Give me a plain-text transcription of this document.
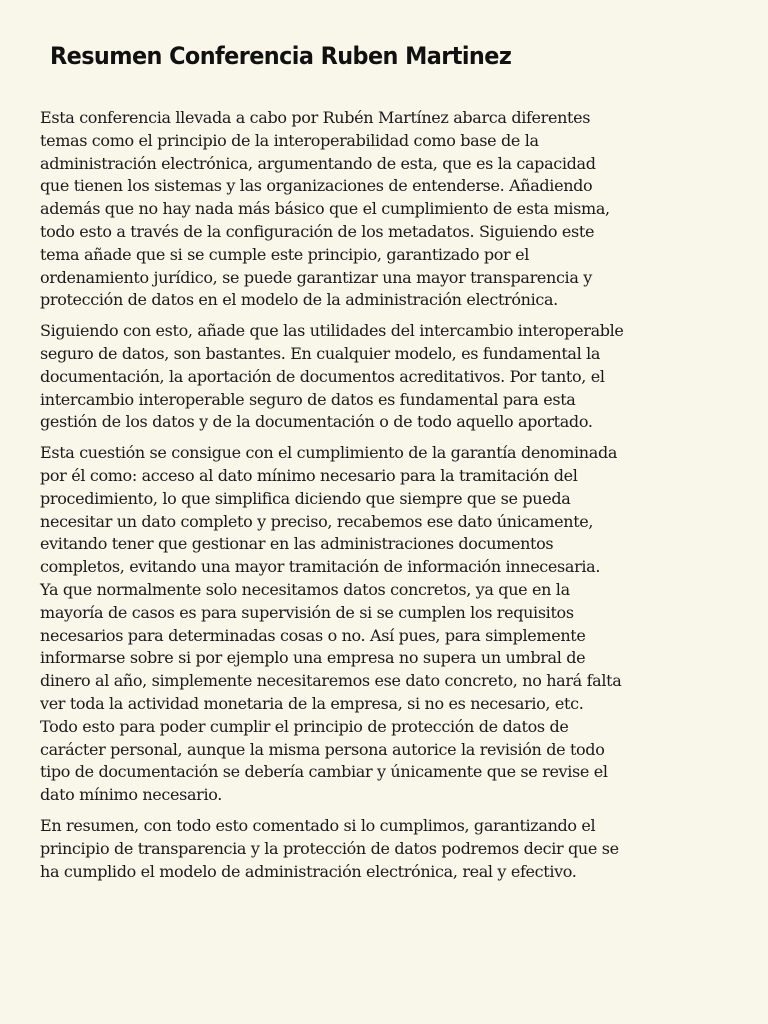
Resumen Conferencia Ruben Martinez

Esta conferencia llevada a cabo por Rubén Martínez abarca diferentes
temas como el principio de la interoperabilidad como base de la
administración electrónica, argumentando de esta, que es la capacidad
que tienen los sistemas y las organizaciones de entenderse. Añadiendo
además que no hay nada más básico que el cumplimiento de esta misma,
todo esto a través de la configuración de los metadatos. Siguiendo este
tema añade que si se cumple este principio, garantizado por el
ordenamiento jurídico, se puede garantizar una mayor transparencia y
protección de datos en el modelo de la administración electrónica.

Siguiendo con esto, añade que las utilidades del intercambio interoperable
seguro de datos, son bastantes. En cualquier modelo, es fundamental la
documentación, la aportación de documentos acreditativos. Por tanto, el
intercambio interoperable seguro de datos es fundamental para esta
gestión de los datos y de la documentación o de todo aquello aportado.

Esta cuestión se consigue con el cumplimiento de la garantía denominada
por él como: acceso al dato mínimo necesario para la tramitación del
procedimiento, lo que simplifica diciendo que siempre que se pueda
necesitar un dato completo y preciso, recabemos ese dato únicamente,
evitando tener que gestionar en las administraciones documentos
completos, evitando una mayor tramitación de información innecesaria.
Ya que normalmente solo necesitamos datos concretos, ya que en la
mayoría de casos es para supervisión de si se cumplen los requisitos
necesarios para determinadas cosas o no. Así pues, para simplemente
informarse sobre si por ejemplo una empresa no supera un umbral de
dinero al año, simplemente necesitaremos ese dato concreto, no hará falta
ver toda la actividad monetaria de la empresa, si no es necesario, etc.
Todo esto para poder cumplir el principio de protección de datos de
carácter personal, aunque la misma persona autorice la revisión de todo
tipo de documentación se debería cambiar y únicamente que se revise el
dato mínimo necesario.

En resumen, con todo esto comentado si lo cumplimos, garantizando el
principio de transparencia y la protección de datos podremos decir que se
ha cumplido el modelo de administración electrónica, real y efectivo.
